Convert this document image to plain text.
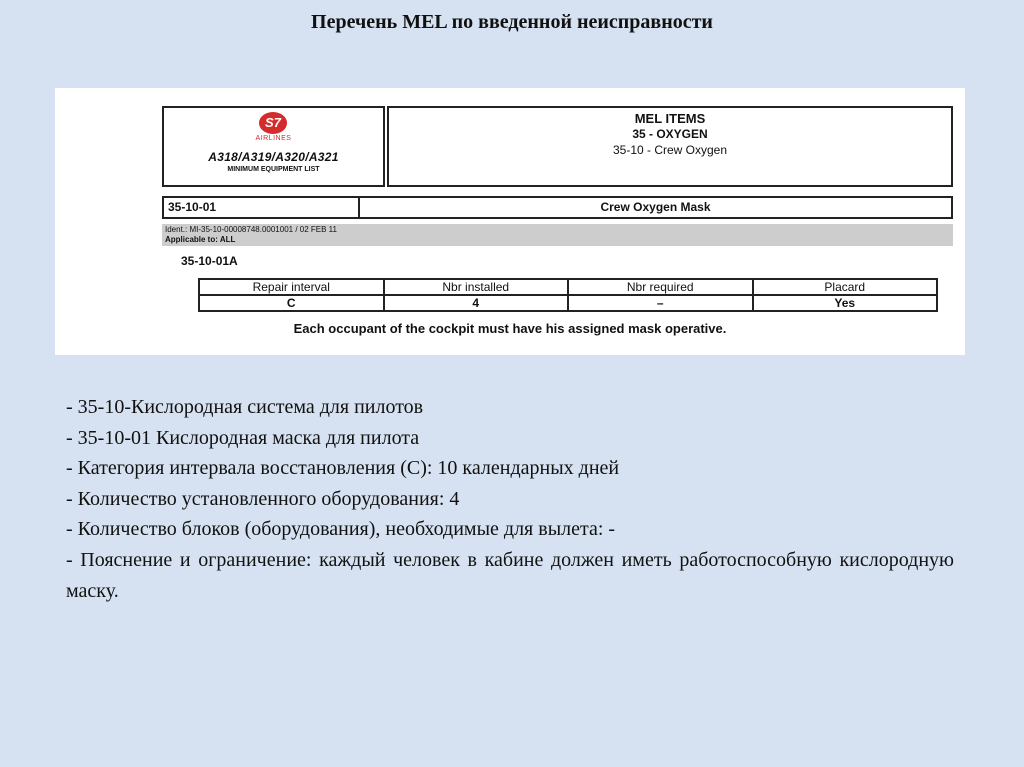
Перечень MEL по введенной неисправности
S7
AIRLINES
A318/A319/A320/A321
MINIMUM EQUIPMENT LIST
MEL ITEMS
35 - OXYGEN
35-10 - Crew Oxygen
35-10-01	Crew Oxygen Mask
Ident.: MI-35-10-00008748.0001001 / 02 FEB 11
Applicable to: ALL
35-10-01A
Repair interval	Nbr installed	Nbr required	Placard
C	4	–	Yes
Each occupant of the cockpit must have his assigned mask operative.
- 35-10-Кислородная система для пилотов
- 35-10-01 Кислородная маска для пилота
- Категория интервала восстановления (С): 10 календарных дней
- Количество установленного оборудования: 4
- Количество блоков (оборудования), необходимые для вылета: -
- Пояснение и ограничение: каждый человек в кабине должен иметь работоспособную кислородную маску.
